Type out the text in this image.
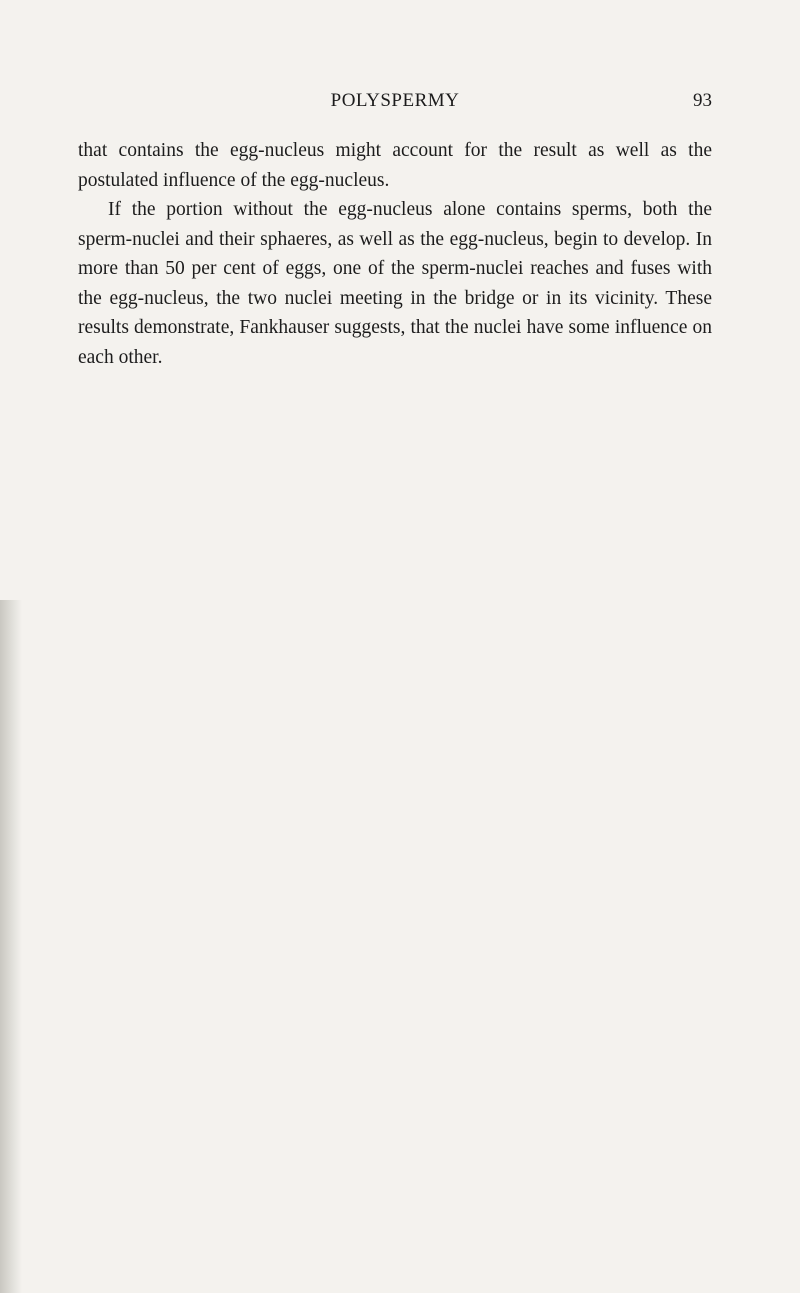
POLYSPERMY	93

that contains the egg-nucleus might account for the result as well as the postulated influence of the egg-nucleus.

If the portion without the egg-nucleus alone contains sperms, both the sperm-nuclei and their sphaeres, as well as the egg-nucleus, begin to develop. In more than 50 per cent of eggs, one of the sperm-nuclei reaches and fuses with the egg-nucleus, the two nuclei meeting in the bridge or in its vicinity. These results demonstrate, Fankhauser suggests, that the nuclei have some influence on each other.
